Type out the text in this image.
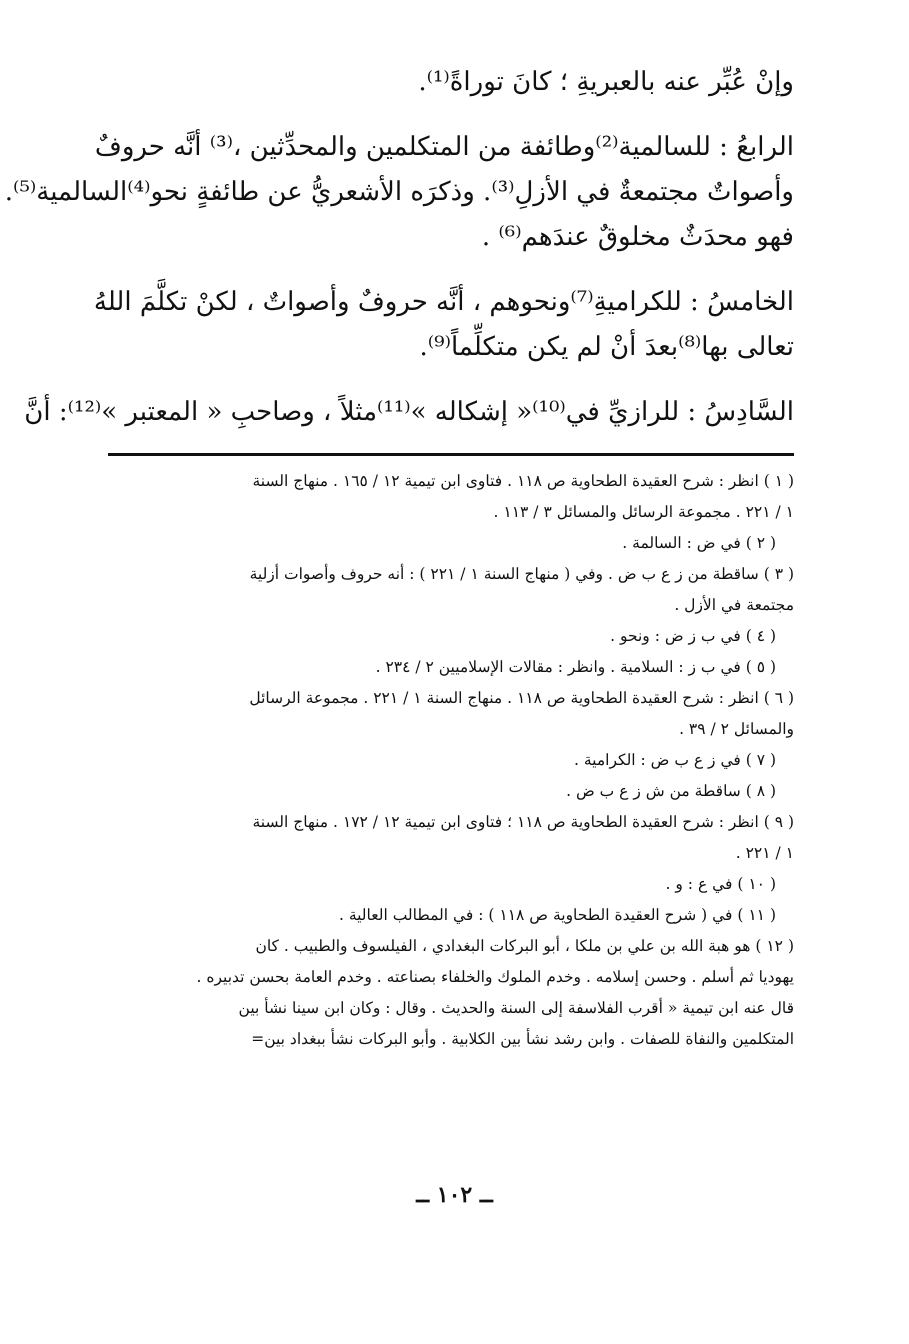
وإنْ عُبِّر عنه بالعبريةِ ؛ كانَ توراةً⁽¹⁾.

الرابعُ : للسالمية⁽²⁾وطائفة من المتكلمين والمحدِّثين ،⁽³⁾ أنَّه حروفٌ

وأصواتٌ مجتمعةٌ في الأزلِ⁽³⁾. وذكرَه الأشعريُّ عن طائفةٍ نحو⁽⁴⁾السالمية⁽⁵⁾.

فهو محدَثٌ مخلوقٌ عندَهم⁽⁶⁾ .

الخامسُ : للكراميةِ⁽⁷⁾ونحوهم ، أنَّه حروفٌ وأصواتٌ ، لكنْ تكلَّمَ اللهُ

تعالى بها⁽⁸⁾بعدَ أنْ لم يكن متكلِّماً⁽⁹⁾.

السَّادِسُ : للرازيِّ في⁽¹⁰⁾« إشكاله »⁽¹¹⁾مثلاً ، وصاحبِ « المعتبر »⁽¹²⁾: أنَّ

( ١ ) انظر : شرح العقيدة الطحاوية ص ١١٨ . فتاوى ابن تيمية ١٢ / ١٦٥ . منهاج السنة

١ / ٢٢١ . مجموعة الرسائل والمسائل ٣ / ١١٣ .

( ٢ ) في ض : السالمة .

( ٣ ) ساقطة من ز ع ب ض . وفي ( منهاج السنة ١ / ٢٢١ ) : أنه حروف وأصوات أزلية

مجتمعة في الأزل .

( ٤ ) في ب ز ض : ونحو .

( ٥ ) في ب ز : السلامية . وانظر : مقالات الإسلاميين ٢ / ٢٣٤ .

( ٦ ) انظر : شرح العقيدة الطحاوية ص ١١٨ . منهاج السنة ١ / ٢٢١ . مجموعة الرسائل

والمسائل ٢ / ٣٩ .

( ٧ ) في ز ع ب ض : الكرامية .

( ٨ ) ساقطة من ش ز ع ب ض .

( ٩ ) انظر : شرح العقيدة الطحاوية ص ١١٨ ؛ فتاوى ابن تيمية ١٢ / ١٧٢ . منهاج السنة

١ / ٢٢١ .

( ١٠ ) في ع : و .

( ١١ ) في ( شرح العقيدة الطحاوية ص ١١٨ ) : في المطالب العالية .

( ١٢ ) هو هبة الله بن علي بن ملكا ، أبو البركات البغدادي ، الفيلسوف والطبيب . كان

يهوديا ثم أسلم . وحسن إسلامه . وخدم الملوك والخلفاء بصناعته . وخدم العامة بحسن تدبيره .

قال عنه ابن تيمية « أقرب الفلاسفة إلى السنة والحديث . وقال : وكان ابن سينا نشأ بين

المتكلمين والنفاة للصفات . وابن رشد نشأ بين الكلابية . وأبو البركات نشأ ببغداد بين=

ــ ١٠٢ ــ
